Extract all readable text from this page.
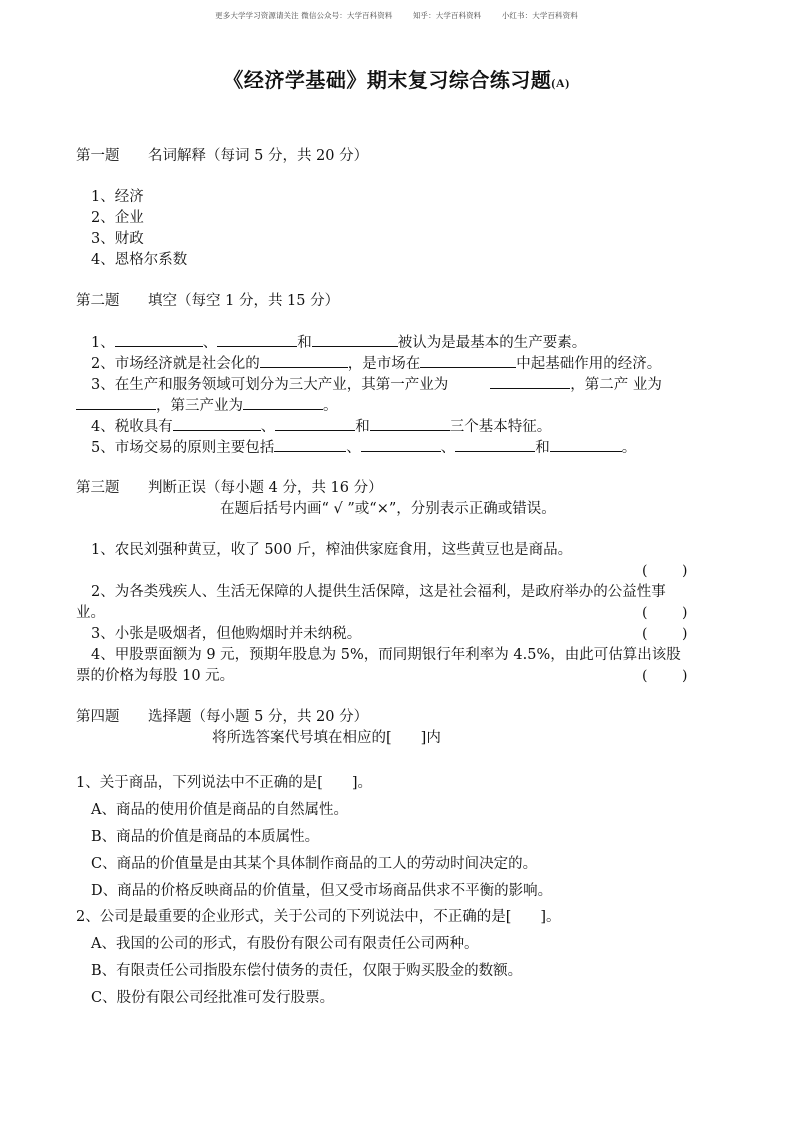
更多大学学习资源请关注 微信公众号：大学百科资料	知乎：大学百科资料	小红书：大学百科资料
《经济学基础》期末复习综合练习题(A)
第一题 名词解释（每词 5 分，共 20 分）
1、经济
2、企业
3、财政
4、恩格尔系数
第二题 填空（每空 1 分，共 15 分）
1、	、	和	被认为是最基本的生产要素。
2、市场经济就是社会化的	，是市场在	中起基础作用的经济。
3、在生产和服务领域可划分为三大产业，其第一产业为	，第二产 业为
，第三产业为	。
4、税收具有	、	和	三个基本特征。
5、市场交易的原则主要包括	、	、	和	。
第三题 判断正误（每小题 4 分，共 16 分）
在题后括号内画“ √ ”或“×”，分别表示正确或错误。
1、农民刘强种黄豆，收了 500 斤，榨油供家庭食用，这些黄豆也是商品。
( )
2、为各类残疾人、生活无保障的人提供生活保障，这是社会福利，是政府举办的公益性事
业。	( )
3、小张是吸烟者，但他购烟时并未纳税。	( )
4、甲股票面额为 9 元，预期年股息为 5%，而同期银行年利率为 4.5%，由此可估算出该股
票的价格为每股 10 元。	( )
第四题 选择题（每小题 5 分，共 20 分）
将所选答案代号填在相应的[　　]内
1、关于商品，下列说法中不正确的是[　　]。
A、商品的使用价值是商品的自然属性。
B、商品的价值是商品的本质属性。
C、商品的价值量是由其某个具体制作商品的工人的劳动时间决定的。
D、商品的价格反映商品的价值量，但又受市场商品供求不平衡的影响。
2、公司是最重要的企业形式，关于公司的下列说法中，不正确的是[　　]。
A、我国的公司的形式，有股份有限公司有限责任公司两种。
B、有限责任公司指股东偿付债务的责任，仅限于购买股金的数额。
C、股份有限公司经批准可发行股票。
